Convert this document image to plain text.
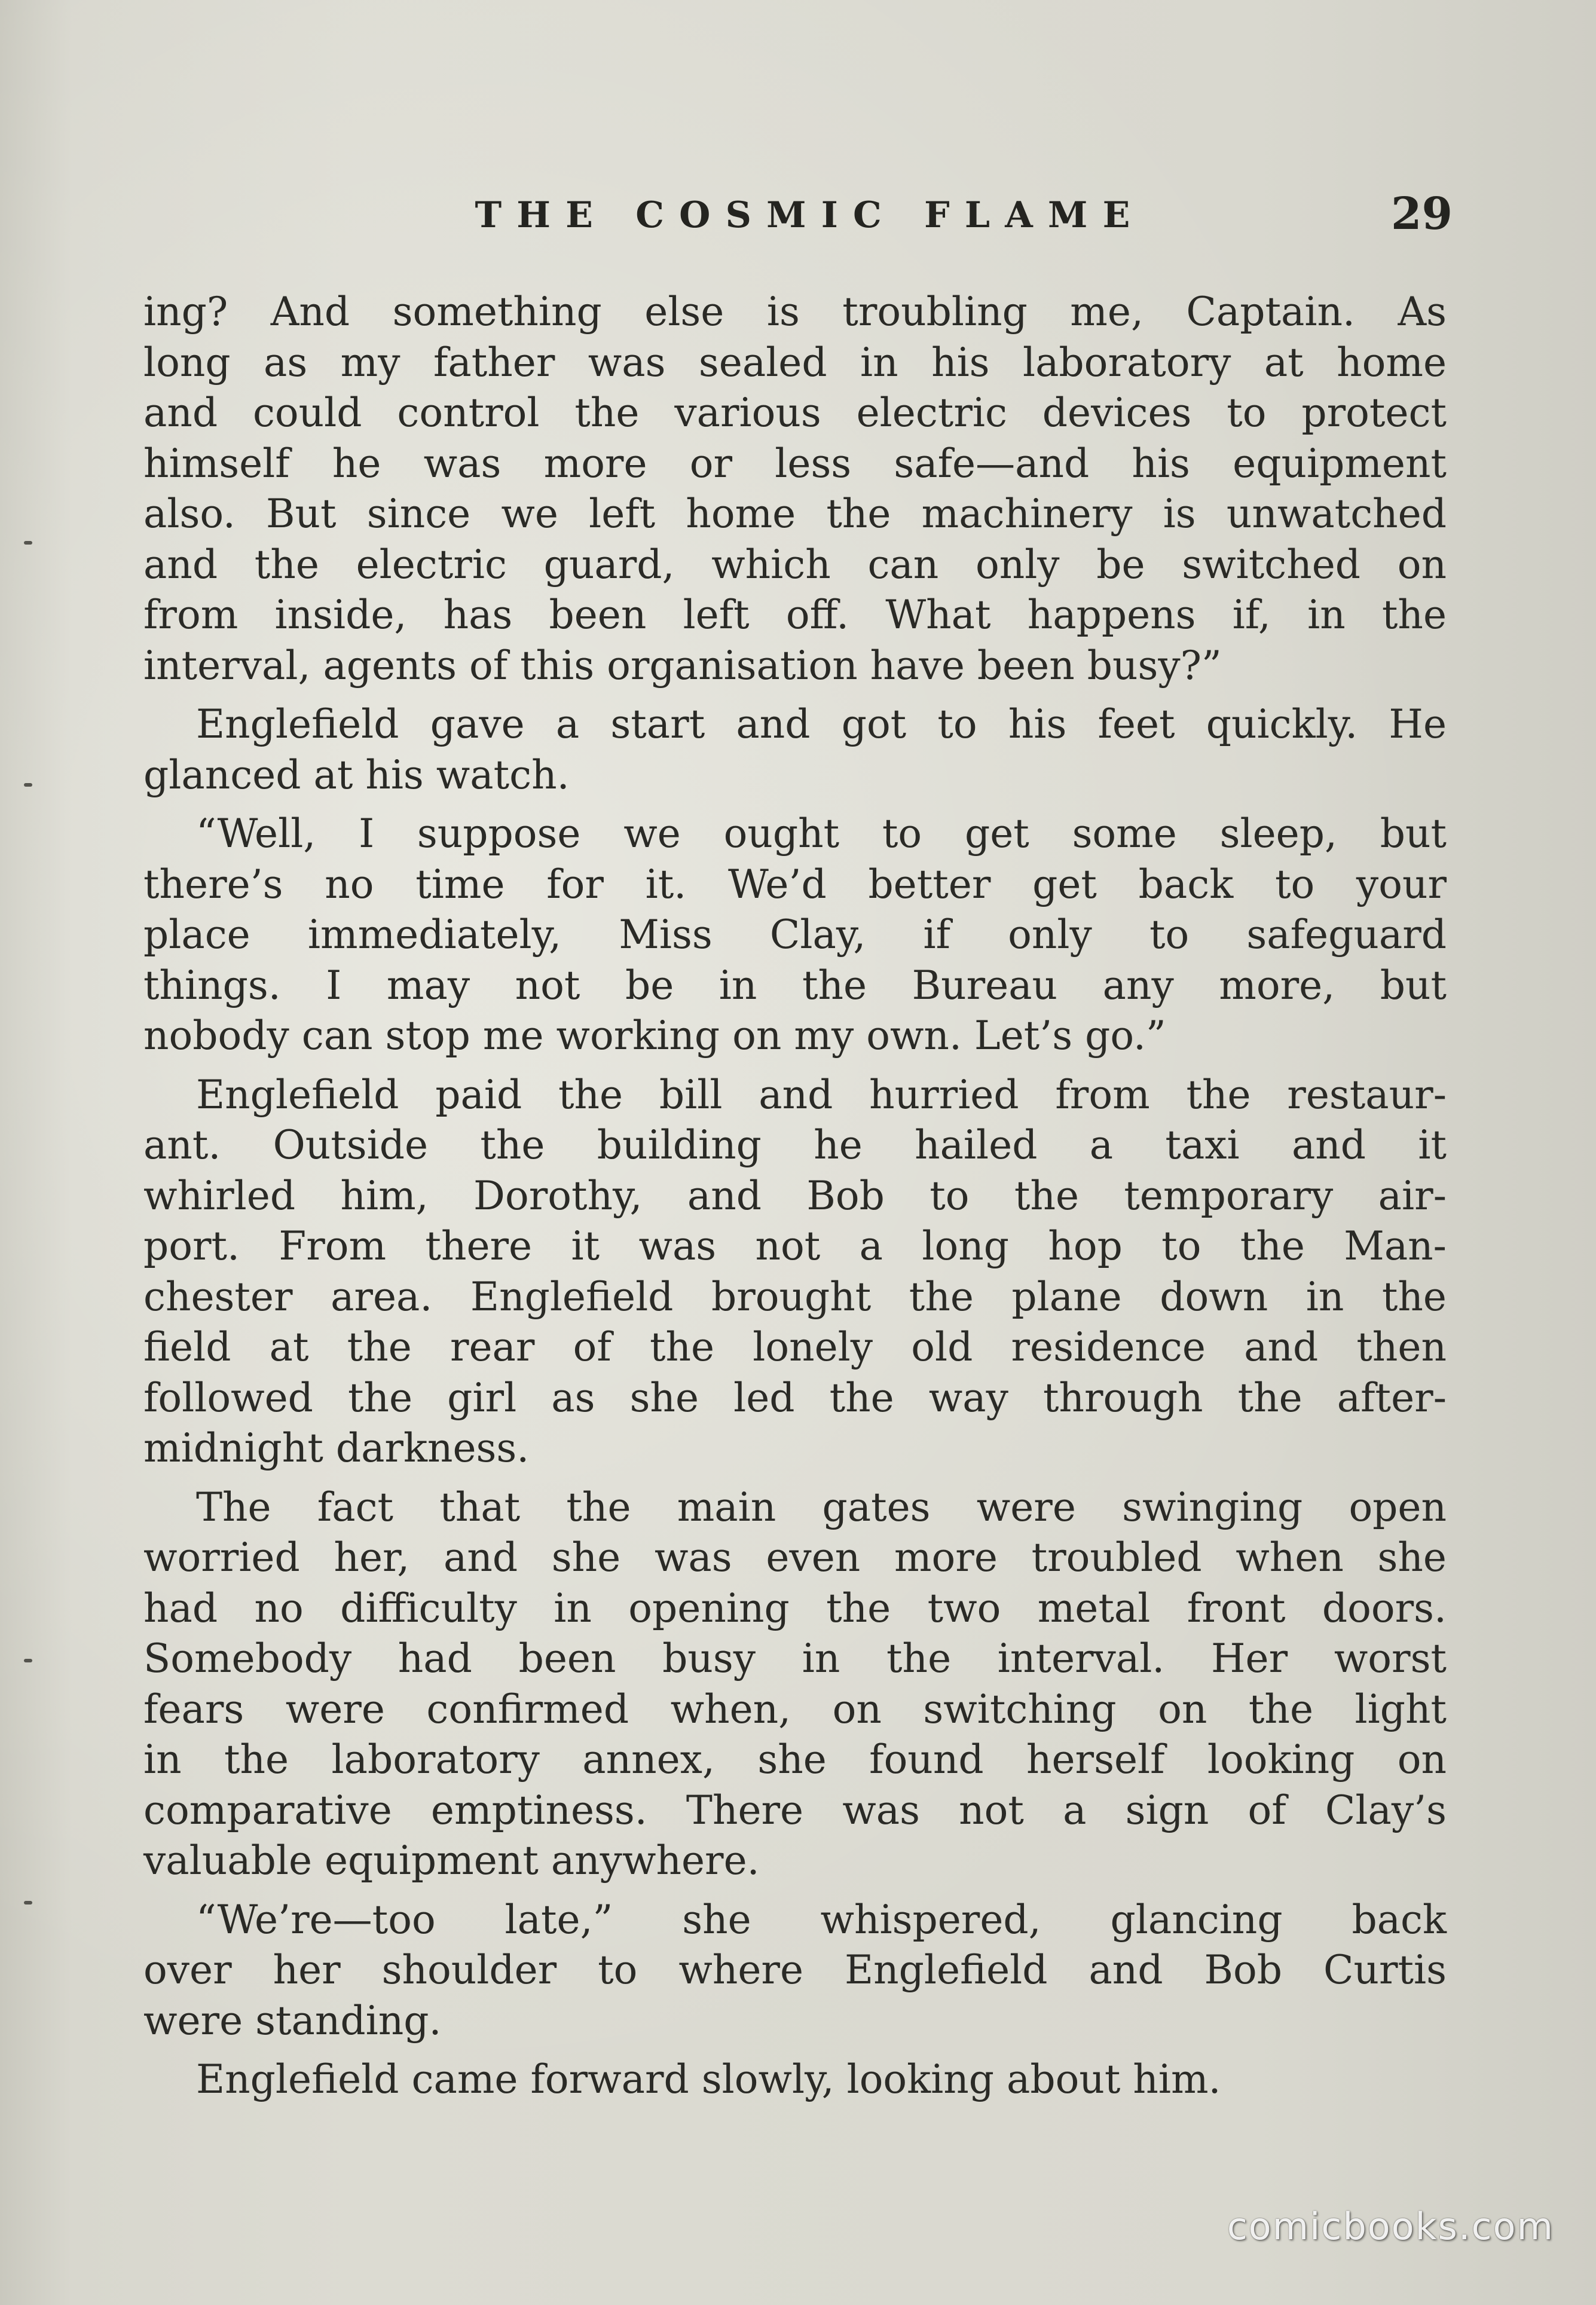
THE COSMIC FLAME	29
ing? And something else is troubling me, Captain. As
long as my father was sealed in his laboratory at home
and could control the various electric devices to protect
himself he was more or less safe—and his equipment
also. But since we left home the machinery is unwatched
and the electric guard, which can only be switched on
from inside, has been left off. What happens if, in the
interval, agents of this organisation have been busy?”
Englefield gave a start and got to his feet quickly. He
glanced at his watch.
“Well, I suppose we ought to get some sleep, but
there’s no time for it. We’d better get back to your
place immediately, Miss Clay, if only to safeguard
things. I may not be in the Bureau any more, but
nobody can stop me working on my own. Let’s go.”
Englefield paid the bill and hurried from the restaur-
ant. Outside the building he hailed a taxi and it
whirled him, Dorothy, and Bob to the temporary air-
port. From there it was not a long hop to the Man-
chester area. Englefield brought the plane down in the
field at the rear of the lonely old residence and then
followed the girl as she led the way through the after-
midnight darkness.
The fact that the main gates were swinging open
worried her, and she was even more troubled when she
had no difficulty in opening the two metal front doors.
Somebody had been busy in the interval. Her worst
fears were confirmed when, on switching on the light
in the laboratory annex, she found herself looking on
comparative emptiness. There was not a sign of Clay’s
valuable equipment anywhere.
“We’re—too late,” she whispered, glancing back
over her shoulder to where Englefield and Bob Curtis
were standing.
Englefield came forward slowly, looking about him.
comicbooks.com
